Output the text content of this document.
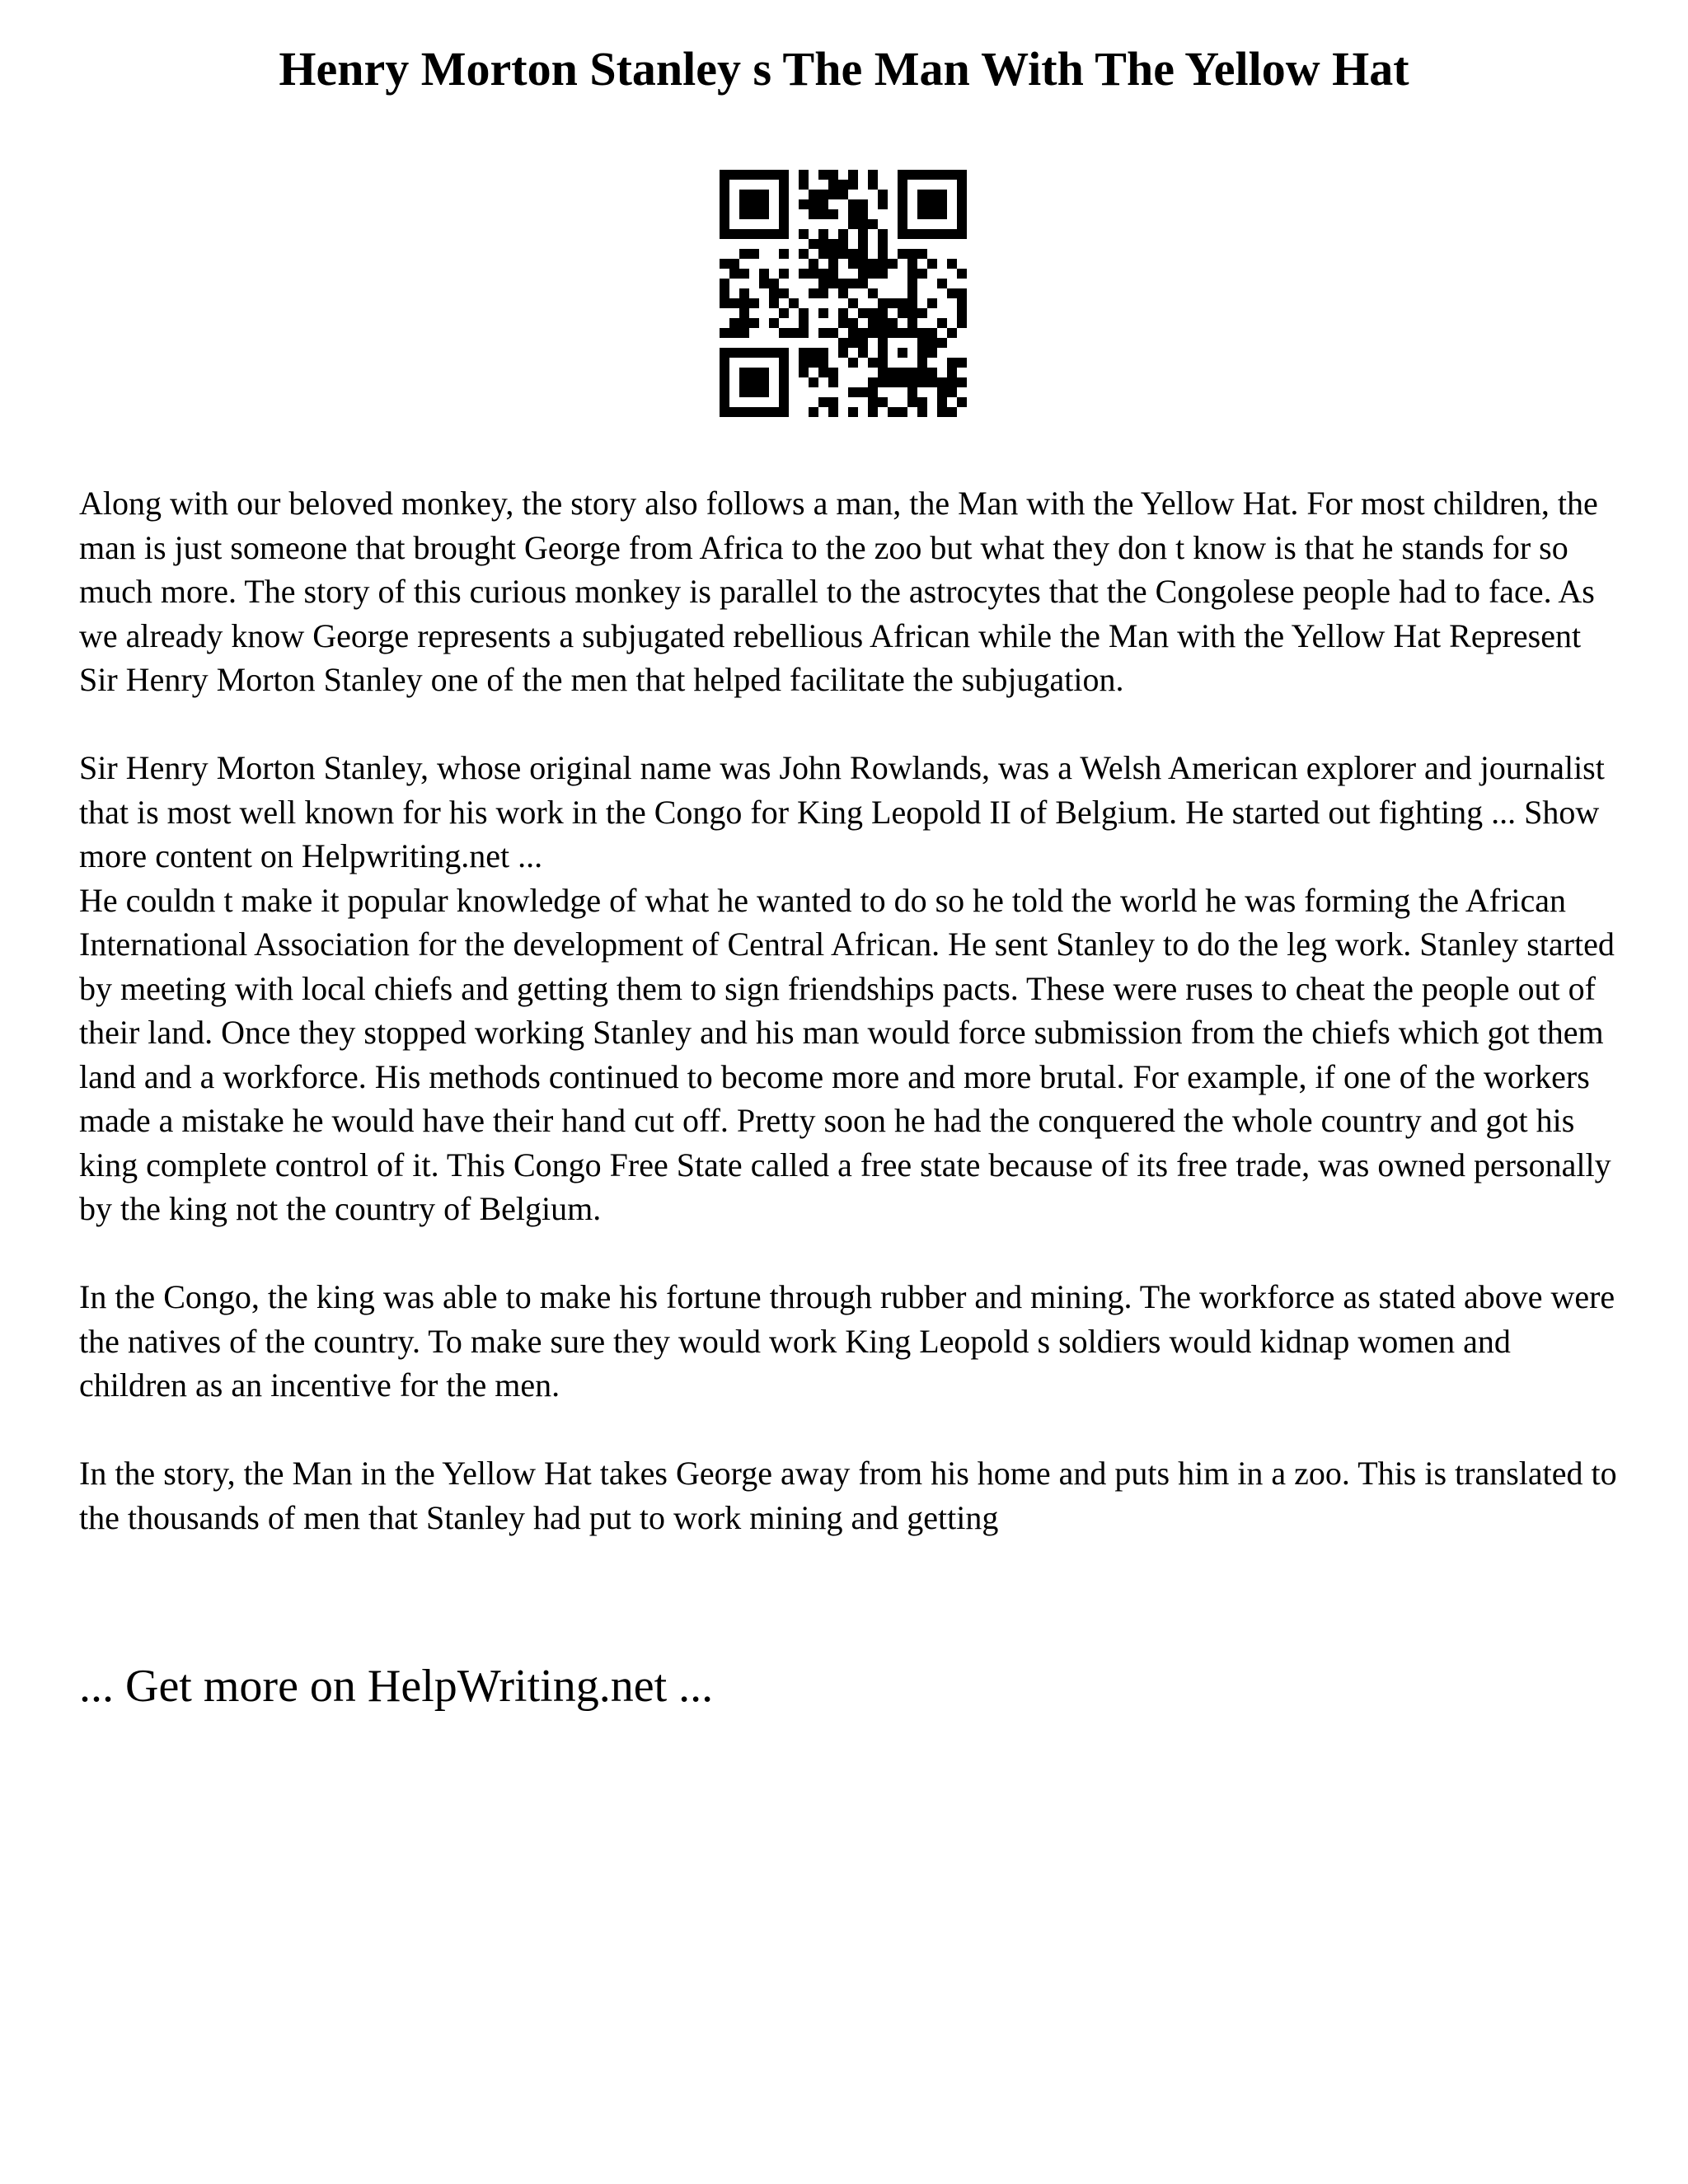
Henry Morton Stanley s The Man With The Yellow Hat

Along with our beloved monkey, the story also follows a man, the Man with the Yellow Hat. For most children, the man is just someone that brought George from Africa to the zoo but what they don t know is that he stands for so much more. The story of this curious monkey is parallel to the astrocytes that the Congolese people had to face. As we already know George represents a subjugated rebellious African while the Man with the Yellow Hat Represent Sir Henry Morton Stanley one of the men that helped facilitate the subjugation.

Sir Henry Morton Stanley, whose original name was John Rowlands, was a Welsh American explorer and journalist that is most well known for his work in the Congo for King Leopold II of Belgium. He started out fighting ... Show more content on Helpwriting.net ...

He couldn t make it popular knowledge of what he wanted to do so he told the world he was forming the African International Association for the development of Central African. He sent Stanley to do the leg work. Stanley started by meeting with local chiefs and getting them to sign friendships pacts. These were ruses to cheat the people out of their land. Once they stopped working Stanley and his man would force submission from the chiefs which got them land and a workforce. His methods continued to become more and more brutal. For example, if one of the workers made a mistake he would have their hand cut off. Pretty soon he had the conquered the whole country and got his king complete control of it. This Congo Free State called a free state because of its free trade, was owned personally by the king not the country of Belgium.

In the Congo, the king was able to make his fortune through rubber and mining. The workforce as stated above were the natives of the country. To make sure they would work King Leopold s soldiers would kidnap women and children as an incentive for the men.

In the story, the Man in the Yellow Hat takes George away from his home and puts him in a zoo. This is translated to the thousands of men that Stanley had put to work mining and getting

... Get more on HelpWriting.net ...
